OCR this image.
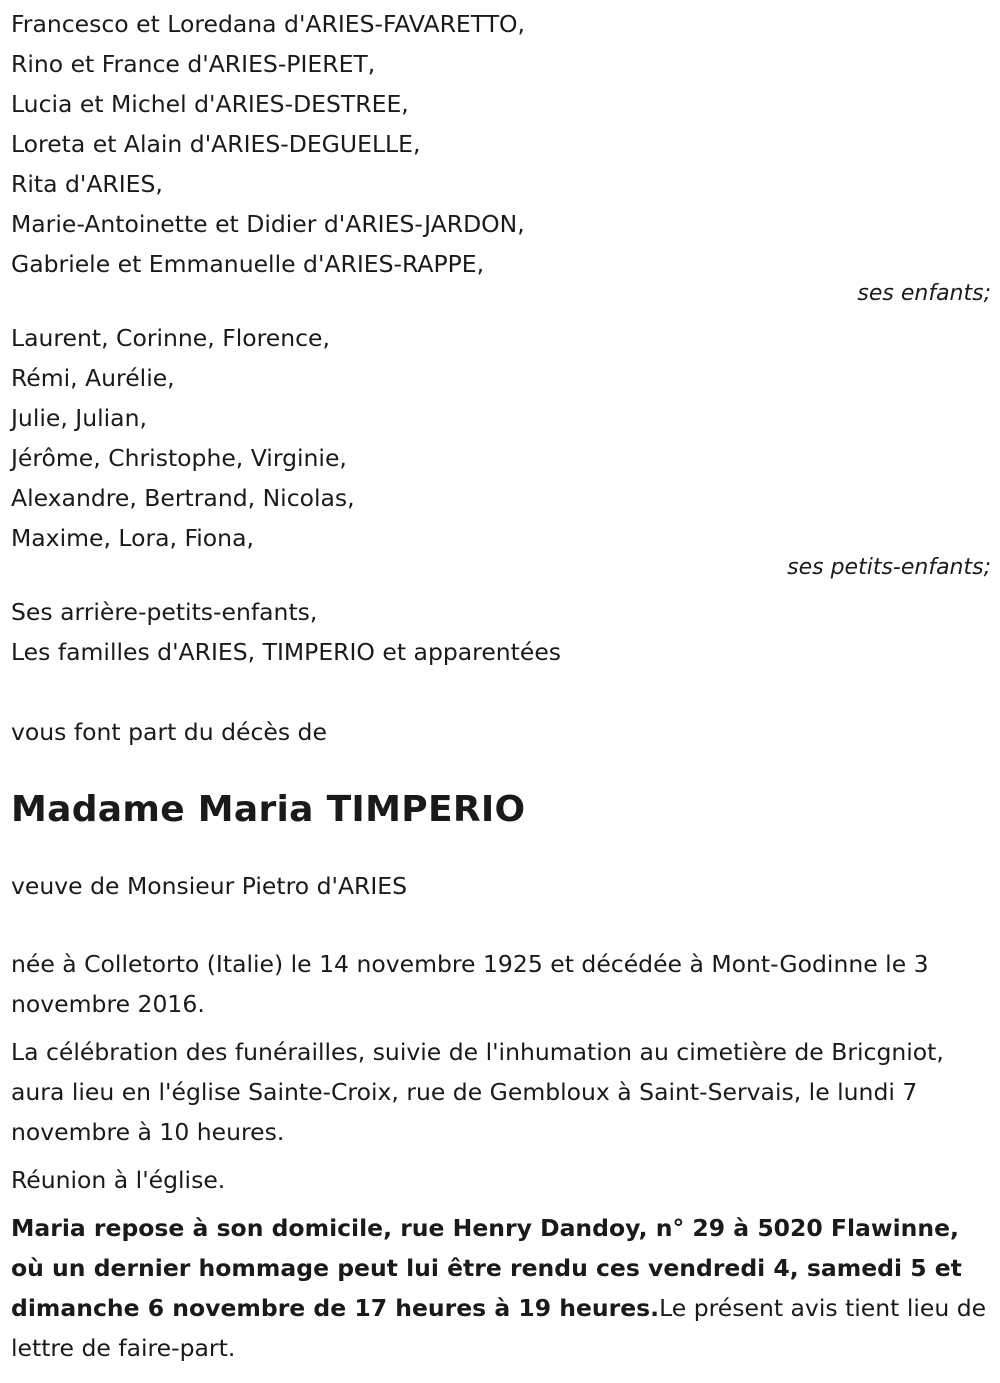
Francesco et Loredana d'ARIES-FAVARETTO,
Rino et France d'ARIES-PIERET,
Lucia et Michel d'ARIES-DESTREE,
Loreta et Alain d'ARIES-DEGUELLE,
Rita d'ARIES,
Marie-Antoinette et Didier d'ARIES-JARDON,
Gabriele et Emmanuelle d'ARIES-RAPPE,
ses enfants;
Laurent, Corinne, Florence,
Rémi, Aurélie,
Julie, Julian,
Jérôme, Christophe, Virginie,
Alexandre, Bertrand, Nicolas,
Maxime, Lora, Fiona,
ses petits-enfants;
Ses arrière-petits-enfants,
Les familles d'ARIES, TIMPERIO et apparentées
vous font part du décès de
Madame Maria TIMPERIO
veuve de Monsieur Pietro d'ARIES

née à Colletorto (Italie) le 14 novembre 1925 et décédée à Mont-Godinne le 3 novembre 2016.

La célébration des funérailles, suivie de l'inhumation au cimetière de Bricgniot, aura lieu en l'église Sainte-Croix, rue de Gembloux à Saint-Servais, le lundi 7 novembre à 10 heures.

Réunion à l'église.

Maria repose à son domicile, rue Henry Dandoy, n° 29 à 5020 Flawinne, où un dernier hommage peut lui être rendu ces vendredi 4, samedi 5 et dimanche 6 novembre de 17 heures à 19 heures.Le présent avis tient lieu de lettre de faire-part.
